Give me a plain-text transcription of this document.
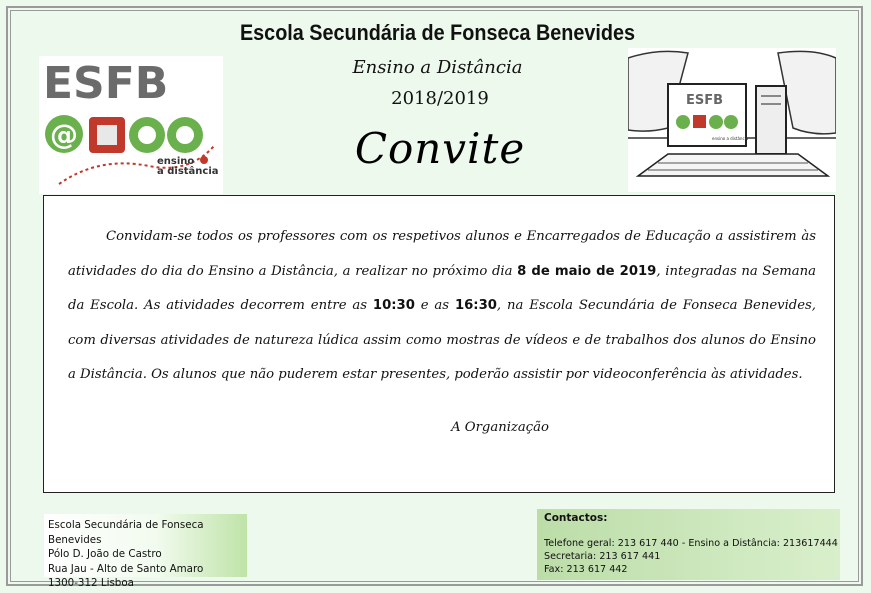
Escola Secundária de Fonseca Benevides
Ensino a Distância
2018/2019
Convite
ESFB
@
ensino
a distância
ESFB
ensino a distância
Convidam-se todos os professores com os respetivos alunos e Encarregados de Educação a assistirem às atividades do dia do Ensino a Distância, a realizar no próximo dia 8 de maio de 2019, integradas na Semana da Escola. As atividades decorrem entre as 10:30 e as 16:30, na Escola Secundária de Fonseca Benevides, com diversas atividades de natureza lúdica assim como mostras de vídeos e de trabalhos dos alunos do Ensino a Distância. Os alunos que não puderem estar presentes, poderão assistir por videoconferência às atividades.
A Organização
Escola Secundária de Fonseca Benevides
Pólo D. João de Castro
Rua Jau - Alto de Santo Amaro
1300-312 Lisboa
Contactos:
Telefone geral: 213 617 440 - Ensino a Distância: 213617444
Secretaria: 213 617 441
Fax: 213 617 442
